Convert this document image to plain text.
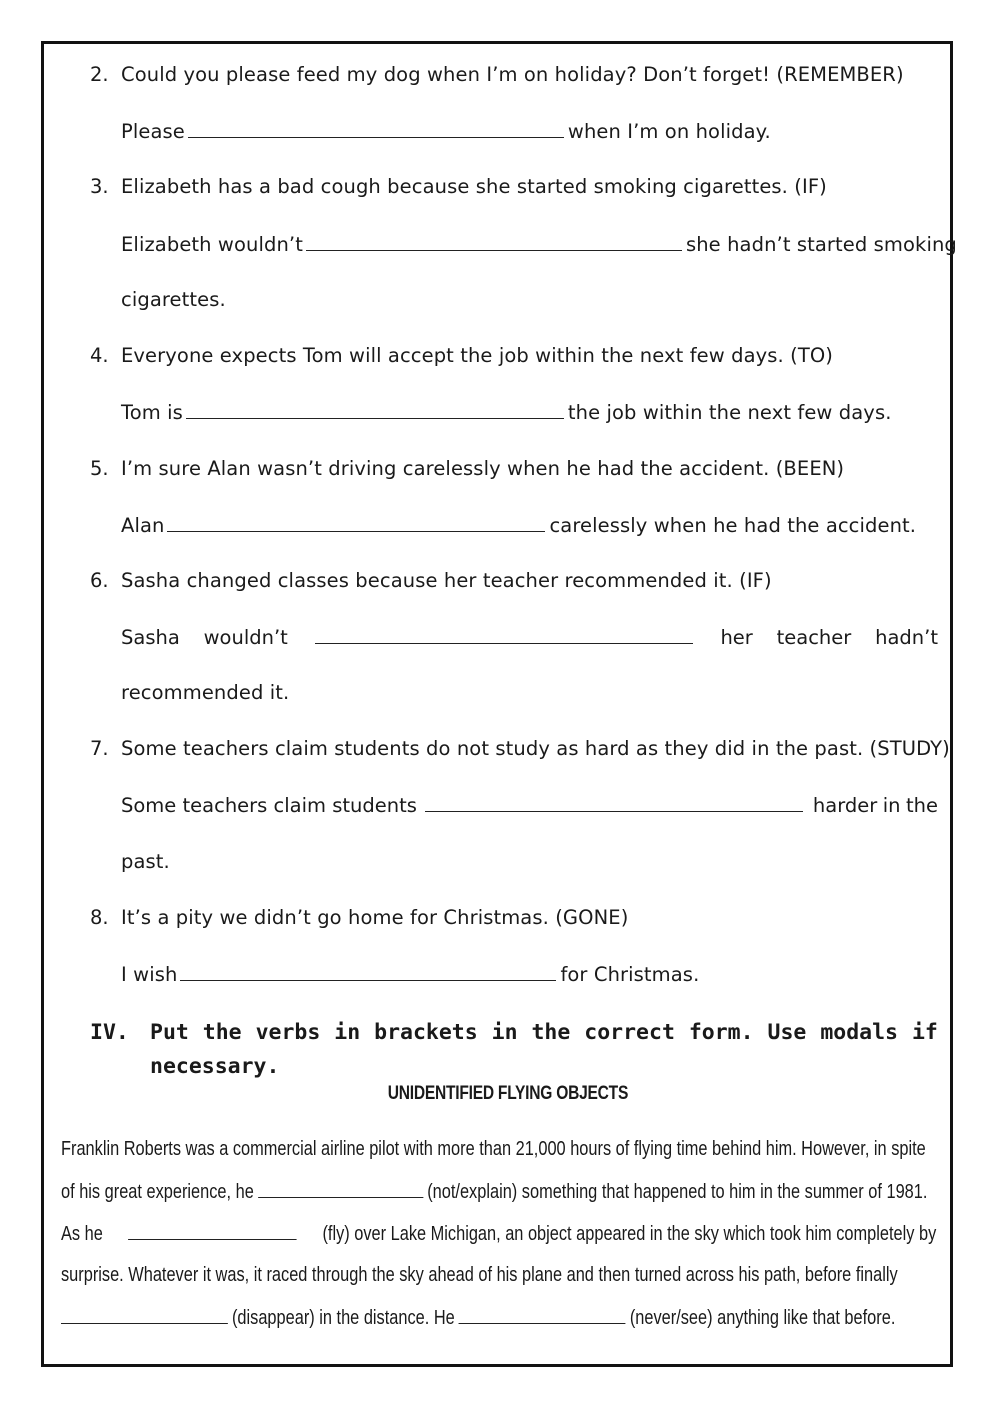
2. Could you please feed my dog when I’m on holiday? Don’t forget! (REMEMBER)
Please	when I’m on holiday.
3. Elizabeth has a bad cough because she started smoking cigarettes. (IF)
Elizabeth wouldn’t	she hadn’t started smoking
cigarettes.
4. Everyone expects Tom will accept the job within the next few days. (TO)
Tom is	the job within the next few days.
5. I’m sure Alan wasn’t driving carelessly when he had the accident. (BEEN)
Alan	carelessly when he had the accident.
6. Sasha changed classes because her teacher recommended it. (IF)
Sasha wouldn’t	her teacher hadn’t
recommended it.
7. Some teachers claim students do not study as hard as they did in the past. (STUDY)
Some teachers claim students	harder in the
past.
8. It’s a pity we didn’t go home for Christmas. (GONE)
I wish	for Christmas.
IV. Put the verbs in brackets in the correct form. Use modals if
necessary.
UNIDENTIFIED FLYING OBJECTS
Franklin Roberts was a commercial airline pilot with more than 21,000 hours of flying time behind him. However, in spite
of his great experience, he	(not/explain) something that happened to him in the summer of 1981.
As he	(fly) over Lake Michigan, an object appeared in the sky which took him completely by
surprise. Whatever it was, it raced through the sky ahead of his plane and then turned across his path, before finally
(disappear) in the distance. He	(never/see) anything like that before.
